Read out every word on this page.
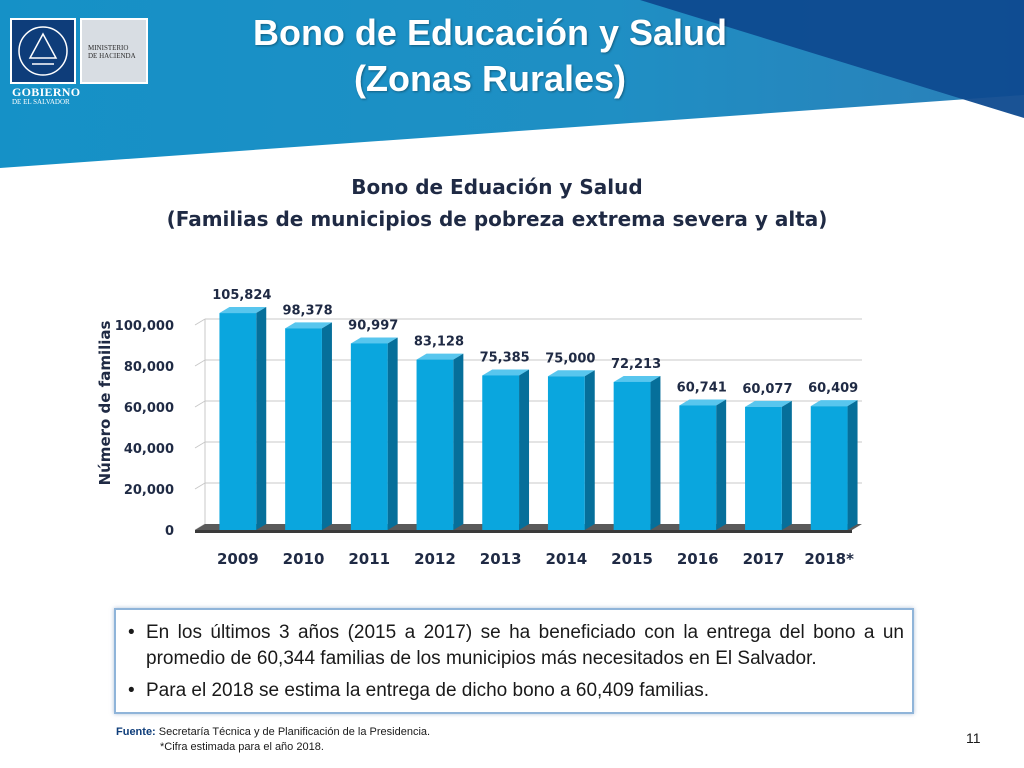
MINISTERIO
DE HACIENDA
GOBIERNO
DE EL SALVADOR
Bono de Educación y Salud
(Zonas Rurales)
Bono de Eduación y Salud
(Familias de municipios de pobreza extrema severa y alta)
Número de familias
0
20,000
40,000
60,000
80,000
100,000
105,824
2009
98,378
2010
90,997
2011
83,128
2012
75,385
2013
75,000
2014
72,213
2015
60,741
2016
60,077
2017
60,409
2018*
• En los últimos 3 años (2015 a 2017) se ha beneficiado con la entrega del bono a un promedio de 60,344 familias de los municipios más necesitados en El Salvador.
• Para el 2018 se estima la entrega de dicho bono a 60,409 familias.
Fuente: Secretaría Técnica y de Planificación de la Presidencia.
*Cifra estimada para el año 2018.
11
